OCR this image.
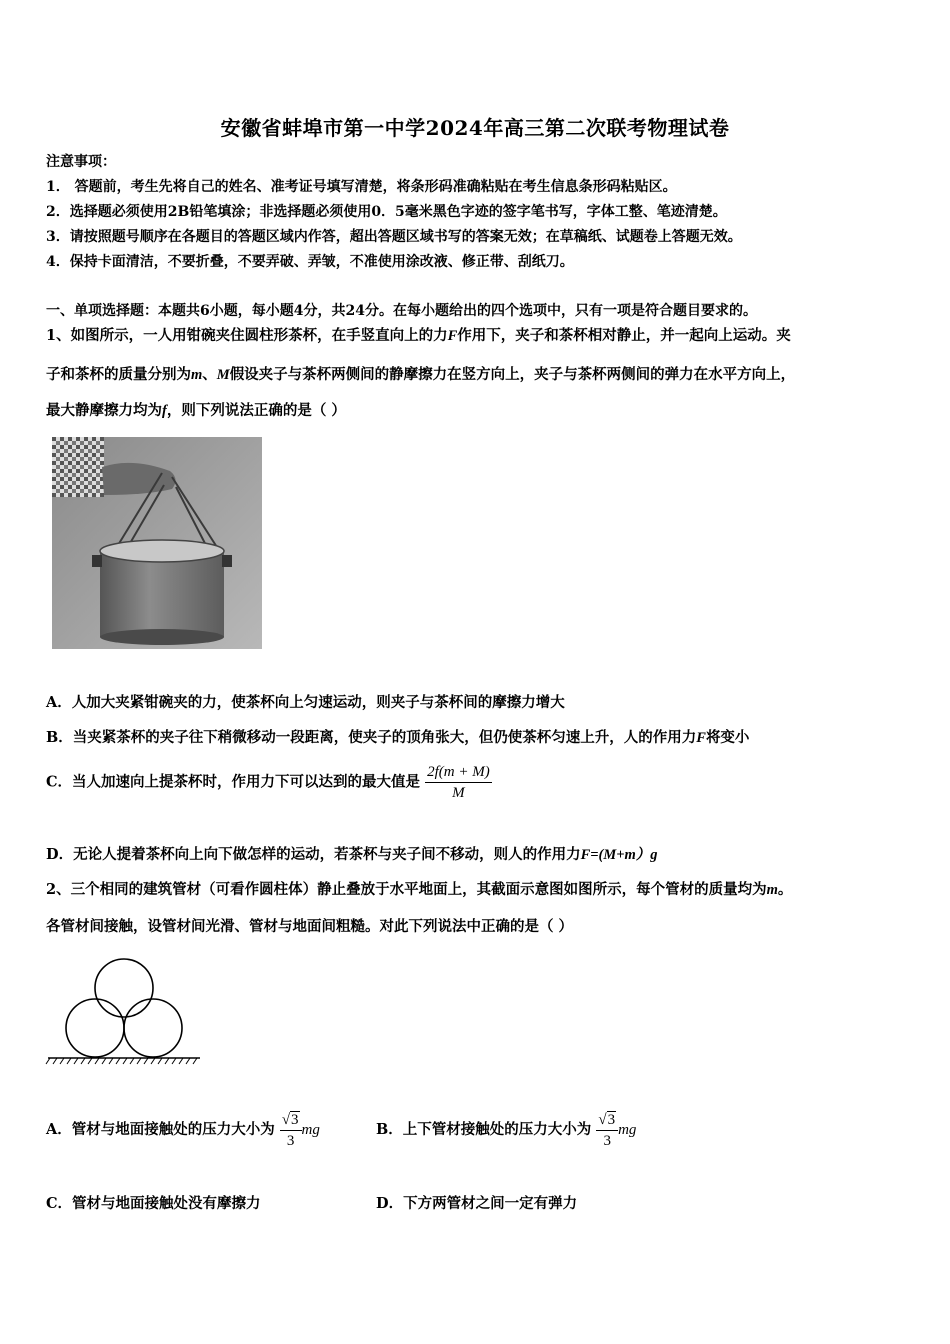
安徽省蚌埠市第一中学2024年高三第二次联考物理试卷
注意事项：
1． 答题前，考生先将自己的姓名、准考证号填写清楚，将条形码准确粘贴在考生信息条形码粘贴区。
2．选择题必须使用2B铅笔填涂；非选择题必须使用0．5毫米黑色字迹的签字笔书写，字体工整、笔迹清楚。
3．请按照题号顺序在各题目的答题区域内作答，超出答题区域书写的答案无效；在草稿纸、试题卷上答题无效。
4．保持卡面清洁，不要折叠，不要弄破、弄皱，不准使用涂改液、修正带、刮纸刀。
一、单项选择题：本题共6小题，每小题4分，共24分。在每小题给出的四个选项中，只有一项是符合题目要求的。
1、如图所示，一人用钳碗夹住圆柱形茶杯，在手竖直向上的力F作用下，夹子和茶杯相对静止，并一起向上运动。夹
子和茶杯的质量分别为m、M假设夹子与茶杯两侧间的静摩擦力在竖方向上，夹子与茶杯两侧间的弹力在水平方向上，
最大静摩擦力均为f，则下列说法正确的是（ ）
A．人加大夹紧钳碗夹的力，使茶杯向上匀速运动，则夹子与茶杯间的摩擦力增大
B．当夹紧茶杯的夹子往下稍微移动一段距离，使夹子的顶角张大，但仍使茶杯匀速上升，人的作用力F将变小
C．当人加速向上提茶杯时，作用力下可以达到的最大值是 $\frac{2f(m + M)}{M}$
D．无论人提着茶杯向上向下做怎样的运动，若茶杯与夹子间不移动，则人的作用力F=(M+m）g
2、三个相同的建筑管材（可看作圆柱体）静止叠放于水平地面上，其截面示意图如图所示，每个管材的质量均为m。
各管材间接触，设管材间光滑、管材与地面间粗糙。对此下列说法中正确的是（ ）
A．管材与地面接触处的压力大小为 $\frac{√3}{3}$ mg	B．上下管材接触处的压力大小为 $\frac{√3}{3}$ mg
C．管材与地面接触处没有摩擦力	D．下方两管材之间一定有弹力
